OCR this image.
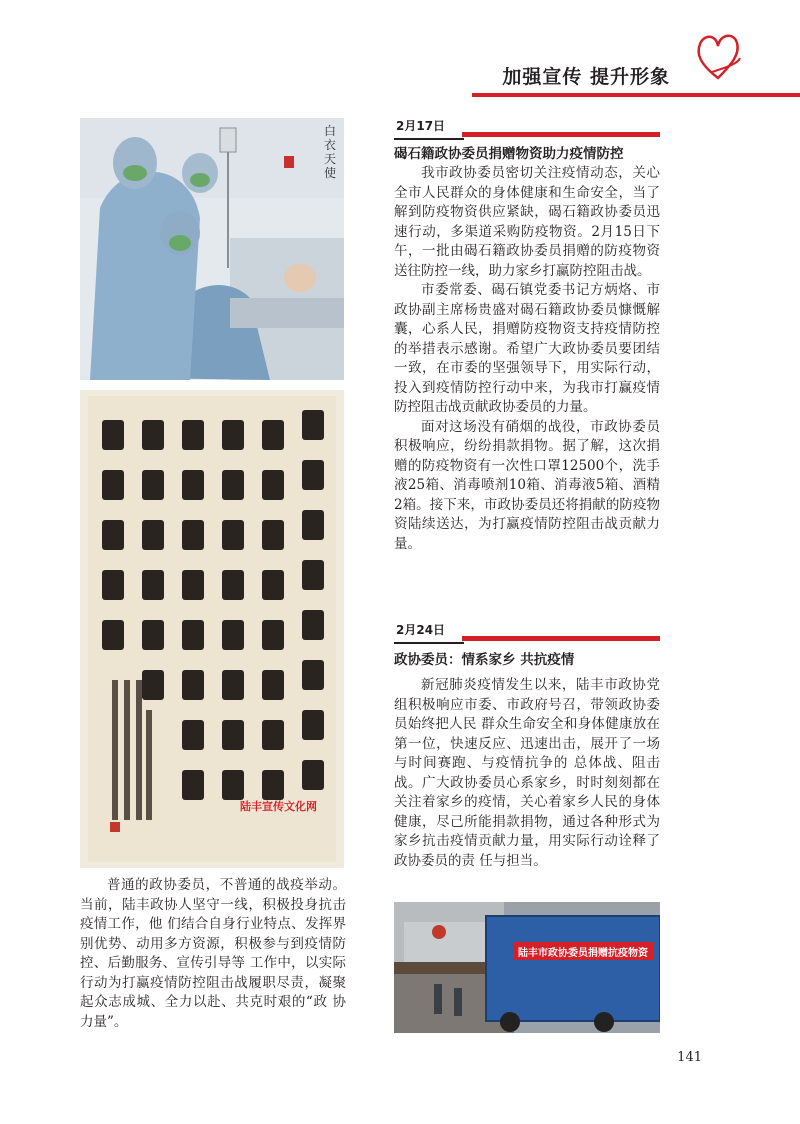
加强宣传 提升形象
白衣天使
陆丰宣传文化网

普通的政协委员，不普通的战疫举动。当前，陆丰政协人坚守一线，积极投身抗击疫情工作，他 们结合自身行业特点、发挥界别优势、动用多方资源，积极参与到疫情防控、后勤服务、宣传引导等 工作中，以实际行动为打赢疫情防控阻击战履职尽责，凝聚起众志成城、全力以赴、共克时艰的“政 协力量”。

2月17日
碣石籍政协委员捐赠物资助力疫情防控

我市政协委员密切关注疫情动态，关心全市人民群众的身体健康和生命安全，当了解到防疫物资供应紧缺，碣石籍政协委员迅速行动，多渠道采购防疫物资。2月15日下午，一批由碣石籍政协委员捐赠的防疫物资送往防控一线，助力家乡打赢防控阻击战。

市委常委、碣石镇党委书记方炳烙、市政协副主席杨贵盛对碣石籍政协委员慷慨解囊，心系人民，捐赠防疫物资支持疫情防控的举措表示感谢。希望广大政协委员要团结一致，在市委的坚强领导下，用实际行动，投入到疫情防控行动中来，为我市打赢疫情防控阻击战贡献政协委员的力量。

面对这场没有硝烟的战役，市政协委员积极响应，纷纷捐款捐物。据了解，这次捐赠的防疫物资有一次性口罩12500个，洗手液25箱、消毒喷剂10箱、消毒液5箱、酒精2箱。接下来，市政协委员还将捐献的防疫物资陆续送达，为打赢疫情防控阻击战贡献力量。

2月24日
政协委员：情系家乡 共抗疫情

新冠肺炎疫情发生以来，陆丰市政协党组积极响应市委、市政府号召，带领政协委员始终把人民 群众生命安全和身体健康放在第一位，快速反应、迅速出击，展开了一场与时间赛跑、与疫情抗争的 总体战、阻击战。广大政协委员心系家乡，时时刻刻都在关注着家乡的疫情，关心着家乡人民的身体 健康，尽己所能捐款捐物，通过各种形式为家乡抗击疫情贡献力量，用实际行动诠释了政协委员的责 任与担当。

陆丰市政协委员捐赠抗疫物资
141
